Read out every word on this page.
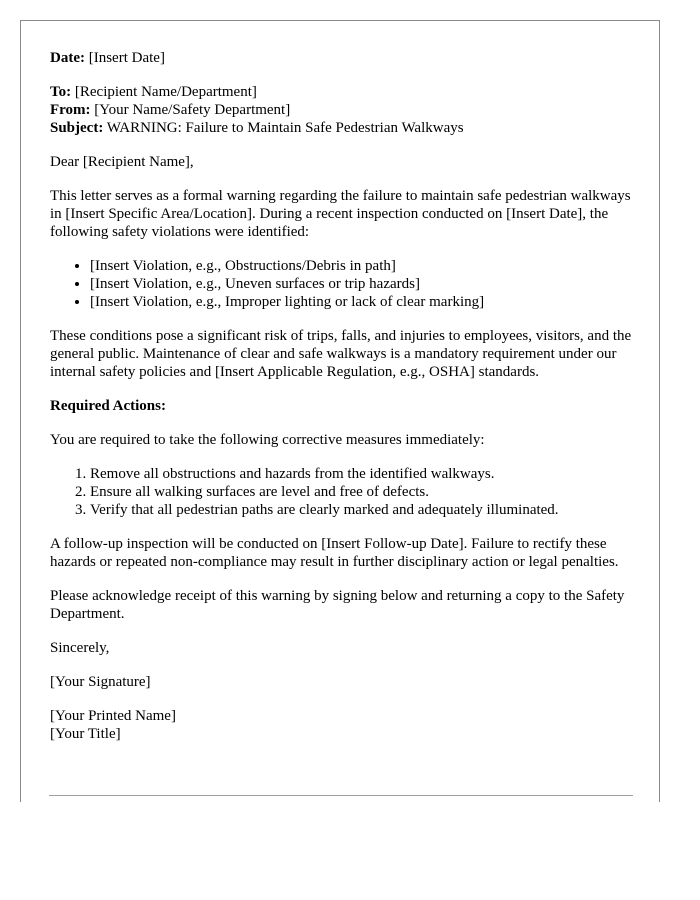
Date: [Insert Date]

To: [Recipient Name/Department]

From: [Your Name/Safety Department]

Subject: WARNING: Failure to Maintain Safe Pedestrian Walkways

Dear [Recipient Name],

This letter serves as a formal warning regarding the failure to maintain safe pedestrian walkways in [Insert Specific Area/Location]. During a recent inspection conducted on [Insert Date], the following safety violations were identified:

• [Insert Violation, e.g., Obstructions/Debris in path]
• [Insert Violation, e.g., Uneven surfaces or trip hazards]
• [Insert Violation, e.g., Improper lighting or lack of clear marking]

These conditions pose a significant risk of trips, falls, and injuries to employees, visitors, and the general public. Maintenance of clear and safe walkways is a mandatory requirement under our internal safety policies and [Insert Applicable Regulation, e.g., OSHA] standards.

Required Actions:

You are required to take the following corrective measures immediately:

1. Remove all obstructions and hazards from the identified walkways.
2. Ensure all walking surfaces are level and free of defects.
3. Verify that all pedestrian paths are clearly marked and adequately illuminated.

A follow-up inspection will be conducted on [Insert Follow-up Date]. Failure to rectify these hazards or repeated non-compliance may result in further disciplinary action or legal penalties.

Please acknowledge receipt of this warning by signing below and returning a copy to the Safety Department.

Sincerely,

[Your Signature]

[Your Printed Name]

[Your Title]
